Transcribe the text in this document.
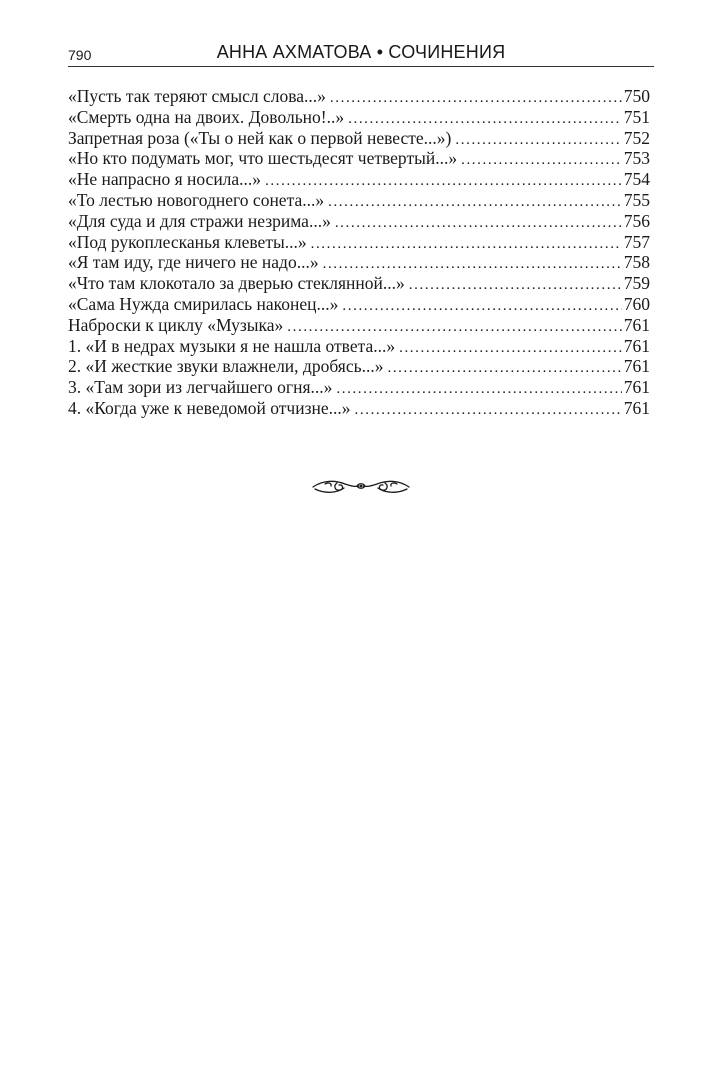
790	АННА АХМАТОВА • СОЧИНЕНИЯ
«Пусть так теряют смысл слова...» .....	750
«Смерть одна на двоих. Довольно!..» .....	751
Запретная роза («Ты о ней как о первой невесте...») .....	752
«Но кто подумать мог, что шестьдесят четвертый...» .....	753
«Не напрасно я носила...» .....	754
«То лестью новогоднего сонета...» .....	755
«Для суда и для стражи незрима...» .....	756
«Под рукоплесканья клеветы...» .....	757
«Я там иду, где ничего не надо...» .....	758
«Что там клокотало за дверью стеклянной...» .....	759
«Сама Нужда смирилась наконец...» .....	760
Наброски к циклу «Музыка» .....	761
1. «И в недрах музыки я не нашла ответа...» .....	761
2. «И жесткие звуки влажнели, дробясь...» .....	761
3. «Там зори из легчайшего огня...» .....	761
4. «Когда уже к неведомой отчизне...» .....	761
